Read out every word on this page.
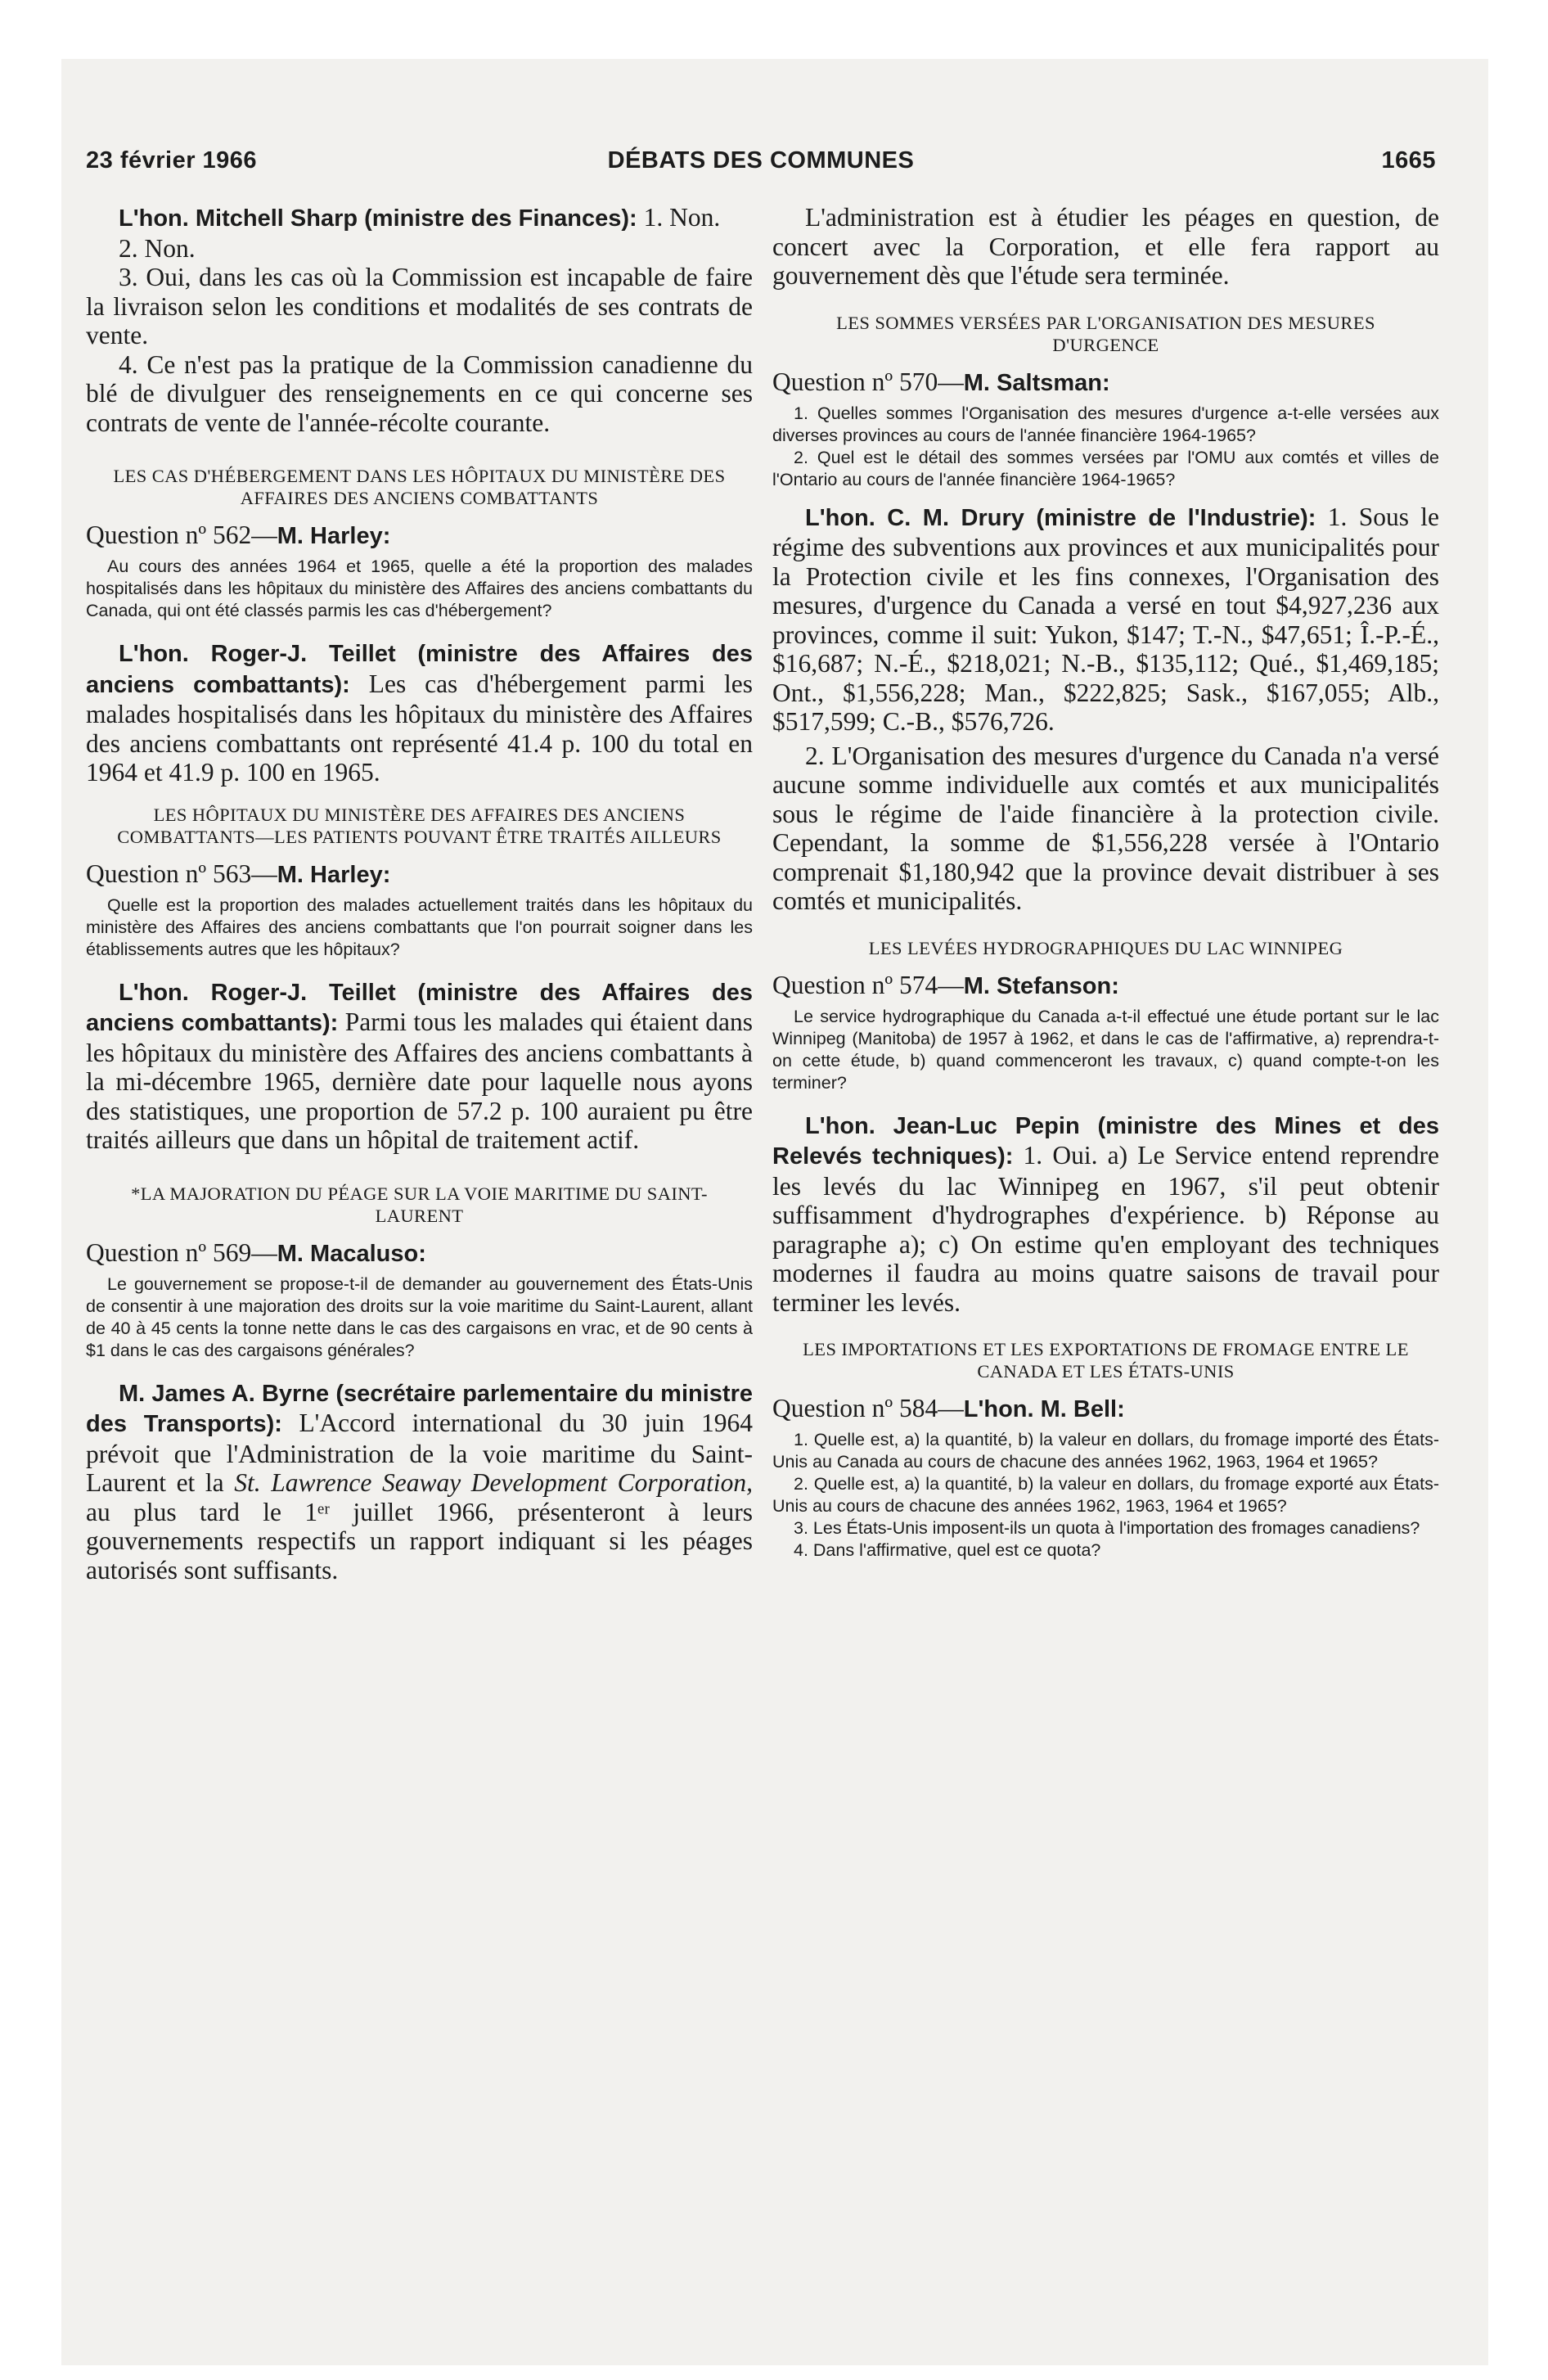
23 février 1966	DÉBATS DES COMMUNES	1665

L'hon. Mitchell Sharp (ministre des Finances): 1. Non.

2. Non.

3. Oui, dans les cas où la Commission est incapable de faire la livraison selon les conditions et modalités de ses contrats de vente.

4. Ce n'est pas la pratique de la Commission canadienne du blé de divulguer des renseignements en ce qui concerne ses contrats de vente de l'année-récolte courante.

LES CAS D'HÉBERGEMENT DANS LES HÔPITAUX DU MINISTÈRE DES AFFAIRES DES ANCIENS COMBATTANTS

Question nº 562—M. Harley:

Au cours des années 1964 et 1965, quelle a été la proportion des malades hospitalisés dans les hôpitaux du ministère des Affaires des anciens combattants du Canada, qui ont été classés parmis les cas d'hébergement?

L'hon. Roger-J. Teillet (ministre des Affaires des anciens combattants): Les cas d'hébergement parmi les malades hospitalisés dans les hôpitaux du ministère des Affaires des anciens combattants ont représenté 41.4 p. 100 du total en 1964 et 41.9 p. 100 en 1965.

LES HÔPITAUX DU MINISTÈRE DES AFFAIRES DES ANCIENS COMBATTANTS—LES PATIENTS POUVANT ÊTRE TRAITÉS AILLEURS

Question nº 563—M. Harley:

Quelle est la proportion des malades actuellement traités dans les hôpitaux du ministère des Affaires des anciens combattants que l'on pourrait soigner dans les établissements autres que les hôpitaux?

L'hon. Roger-J. Teillet (ministre des Affaires des anciens combattants): Parmi tous les malades qui étaient dans les hôpitaux du ministère des Affaires des anciens combattants à la mi-décembre 1965, dernière date pour laquelle nous ayons des statistiques, une proportion de 57.2 p. 100 auraient pu être traités ailleurs que dans un hôpital de traitement actif.

*LA MAJORATION DU PÉAGE SUR LA VOIE MARITIME DU SAINT-LAURENT

Question nº 569—M. Macaluso:

Le gouvernement se propose-t-il de demander au gouvernement des États-Unis de consentir à une majoration des droits sur la voie maritime du Saint-Laurent, allant de 40 à 45 cents la tonne nette dans le cas des cargaisons en vrac, et de 90 cents à $1 dans le cas des cargaisons générales?

M. James A. Byrne (secrétaire parlementaire du ministre des Transports): L'Accord international du 30 juin 1964 prévoit que l'Administration de la voie maritime du Saint-Laurent et la St. Lawrence Seaway Development Corporation, au plus tard le 1ᵉʳ juillet 1966, présenteront à leurs gouvernements respectifs un rapport indiquant si les péages autorisés sont suffisants.

L'administration est à étudier les péages en question, de concert avec la Corporation, et elle fera rapport au gouvernement dès que l'étude sera terminée.

LES SOMMES VERSÉES PAR L'ORGANISATION DES MESURES D'URGENCE

Question nº 570—M. Saltsman:

1. Quelles sommes l'Organisation des mesures d'urgence a-t-elle versées aux diverses provinces au cours de l'année financière 1964-1965?

2. Quel est le détail des sommes versées par l'OMU aux comtés et villes de l'Ontario au cours de l'année financière 1964-1965?

L'hon. C. M. Drury (ministre de l'Industrie): 1. Sous le régime des subventions aux provinces et aux municipalités pour la Protection civile et les fins connexes, l'Organisation des mesures, d'urgence du Canada a versé en tout $4,927,236 aux provinces, comme il suit: Yukon, $147; T.-N., $47,651; Î.-P.-É., $16,687; N.-É., $218,021; N.-B., $135,112; Qué., $1,469,185; Ont., $1,556,228; Man., $222,825; Sask., $167,055; Alb., $517,599; C.-B., $576,726.

2. L'Organisation des mesures d'urgence du Canada n'a versé aucune somme individuelle aux comtés et aux municipalités sous le régime de l'aide financière à la protection civile. Cependant, la somme de $1,556,228 versée à l'Ontario comprenait $1,180,942 que la province devait distribuer à ses comtés et municipalités.

LES LEVÉES HYDROGRAPHIQUES DU LAC WINNIPEG

Question nº 574—M. Stefanson:

Le service hydrographique du Canada a-t-il effectué une étude portant sur le lac Winnipeg (Manitoba) de 1957 à 1962, et dans le cas de l'affirmative, a) reprendra-t-on cette étude, b) quand commenceront les travaux, c) quand compte-t-on les terminer?

L'hon. Jean-Luc Pepin (ministre des Mines et des Relevés techniques): 1. Oui. a) Le Service entend reprendre les levés du lac Winnipeg en 1967, s'il peut obtenir suffisamment d'hydrographes d'expérience. b) Réponse au paragraphe a); c) On estime qu'en employant des techniques modernes il faudra au moins quatre saisons de travail pour terminer les levés.

LES IMPORTATIONS ET LES EXPORTATIONS DE FROMAGE ENTRE LE CANADA ET LES ÉTATS-UNIS

Question nº 584—L'hon. M. Bell:

1. Quelle est, a) la quantité, b) la valeur en dollars, du fromage importé des États-Unis au Canada au cours de chacune des années 1962, 1963, 1964 et 1965?

2. Quelle est, a) la quantité, b) la valeur en dollars, du fromage exporté aux États-Unis au cours de chacune des années 1962, 1963, 1964 et 1965?

3. Les États-Unis imposent-ils un quota à l'importation des fromages canadiens?

4. Dans l'affirmative, quel est ce quota?
